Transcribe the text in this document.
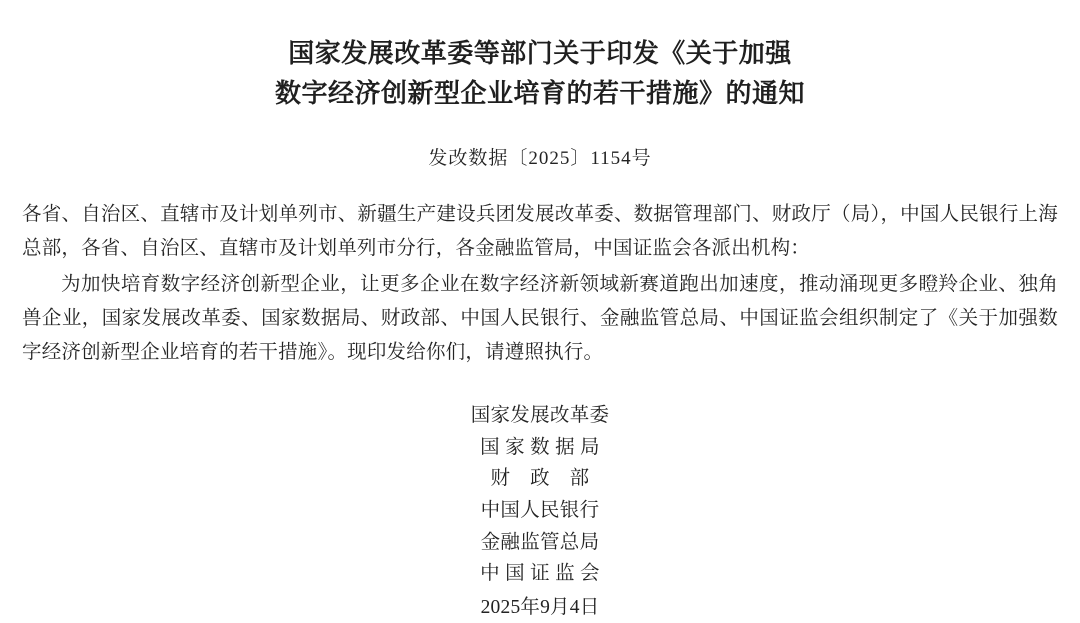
国家发展改革委等部门关于印发《关于加强
数字经济创新型企业培育的若干措施》的通知
发改数据〔2025〕1154号

各省、自治区、直辖市及计划单列市、新疆生产建设兵团发展改革委、数据管理部门、财政厅（局），中国人民银行上海总部，各省、自治区、直辖市及计划单列市分行，各金融监管局，中国证监会各派出机构：

为加快培育数字经济创新型企业，让更多企业在数字经济新领域新赛道跑出加速度，推动涌现更多瞪羚企业、独角兽企业，国家发展改革委、国家数据局、财政部、中国人民银行、金融监管总局、中国证监会组织制定了《关于加强数字经济创新型企业培育的若干措施》。现印发给你们，请遵照执行。

国家发展改革委
国 家 数 据 局
财　政　部
中国人民银行
金融监管总局
中 国 证 监 会
2025年9月4日
